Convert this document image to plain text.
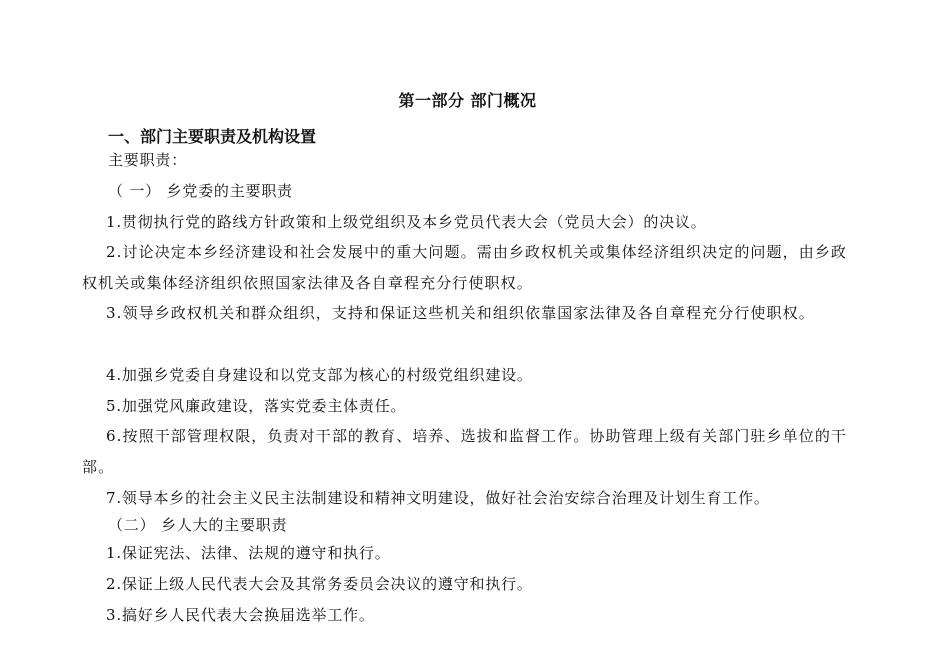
第一部分 部门概况
一、部门主要职责及机构设置
主要职责：
（ 一） 乡党委的主要职责
1.贯彻执行党的路线方针政策和上级党组织及本乡党员代表大会（党员大会）的决议。
2.讨论决定本乡经济建设和社会发展中的重大问题。需由乡政权机关或集体经济组织决定的问题，由乡政权机关或集体经济组织依照国家法律及各自章程充分行使职权。
3.领导乡政权机关和群众组织，支持和保证这些机关和组织依靠国家法律及各自章程充分行使职权。
4.加强乡党委自身建设和以党支部为核心的村级党组织建设。
5.加强党风廉政建设，落实党委主体责任。
6.按照干部管理权限，负责对干部的教育、培养、选拔和监督工作。协助管理上级有关部门驻乡单位的干部。
7.领导本乡的社会主义民主法制建设和精神文明建设，做好社会治安综合治理及计划生育工作。
（二） 乡人大的主要职责
1.保证宪法、法律、法规的遵守和执行。
2.保证上级人民代表大会及其常务委员会决议的遵守和执行。
3.搞好乡人民代表大会换届选举工作。
